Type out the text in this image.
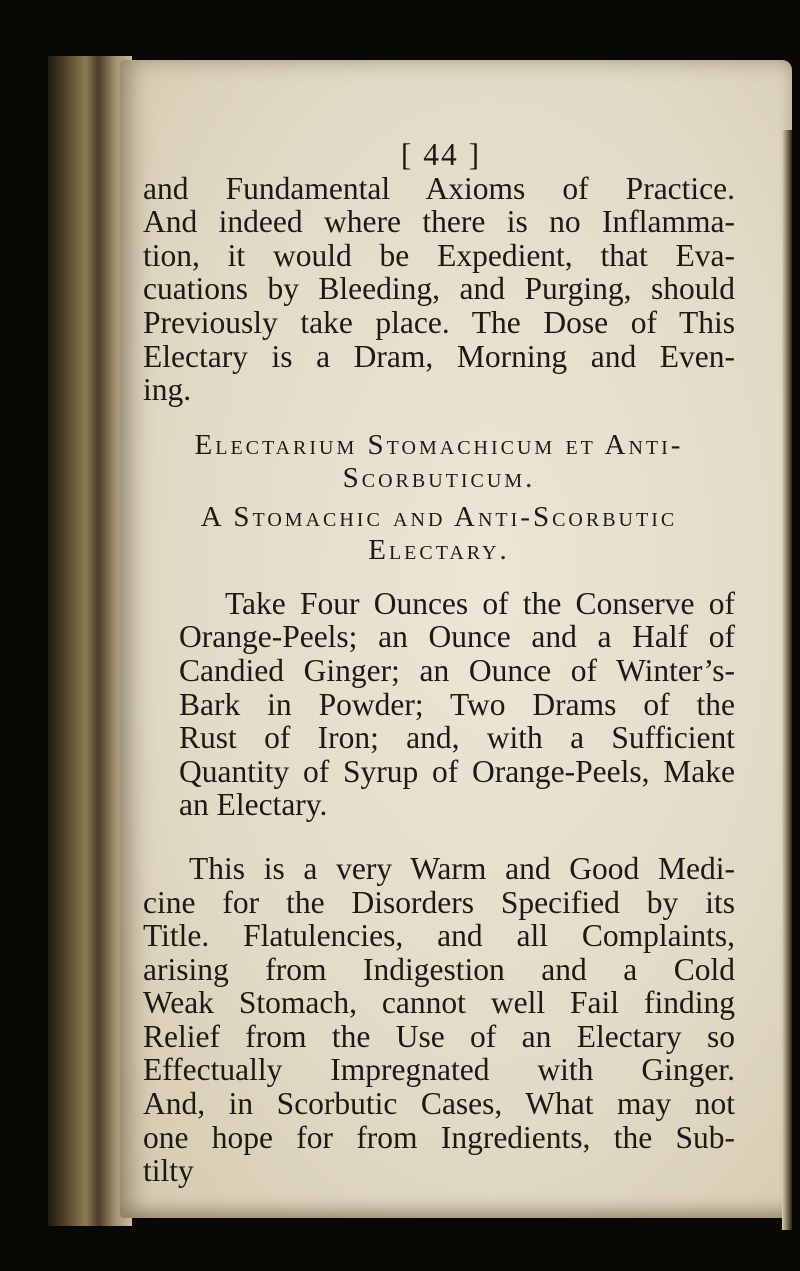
[ 44 ]
and Fundamental Axioms of Practice.
And indeed where there is no Inflamma-
tion, it would be Expedient, that Eva-
cuations by Bleeding, and Purging, should
Previously take place. The Dose of This
Electary is a Dram, Morning and Even-
ing.
Electarium Stomachicum et Anti-
Scorbuticum.
A Stomachic and Anti-Scorbutic
Electary.
Take Four Ounces of the Conserve of
Orange-Peels; an Ounce and a Half of
Candied Ginger; an Ounce of Winter’s-
Bark in Powder; Two Drams of the
Rust of Iron; and, with a Sufficient
Quantity of Syrup of Orange-Peels, Make
an Electary.
This is a very Warm and Good Medi-
cine for the Disorders Specified by its
Title. Flatulencies, and all Complaints,
arising from Indigestion and a Cold
Weak Stomach, cannot well Fail finding
Relief from the Use of an Electary so
Effectually Impregnated with Ginger.
And, in Scorbutic Cases, What may not
one hope for from Ingredients, the Sub-
tilty
